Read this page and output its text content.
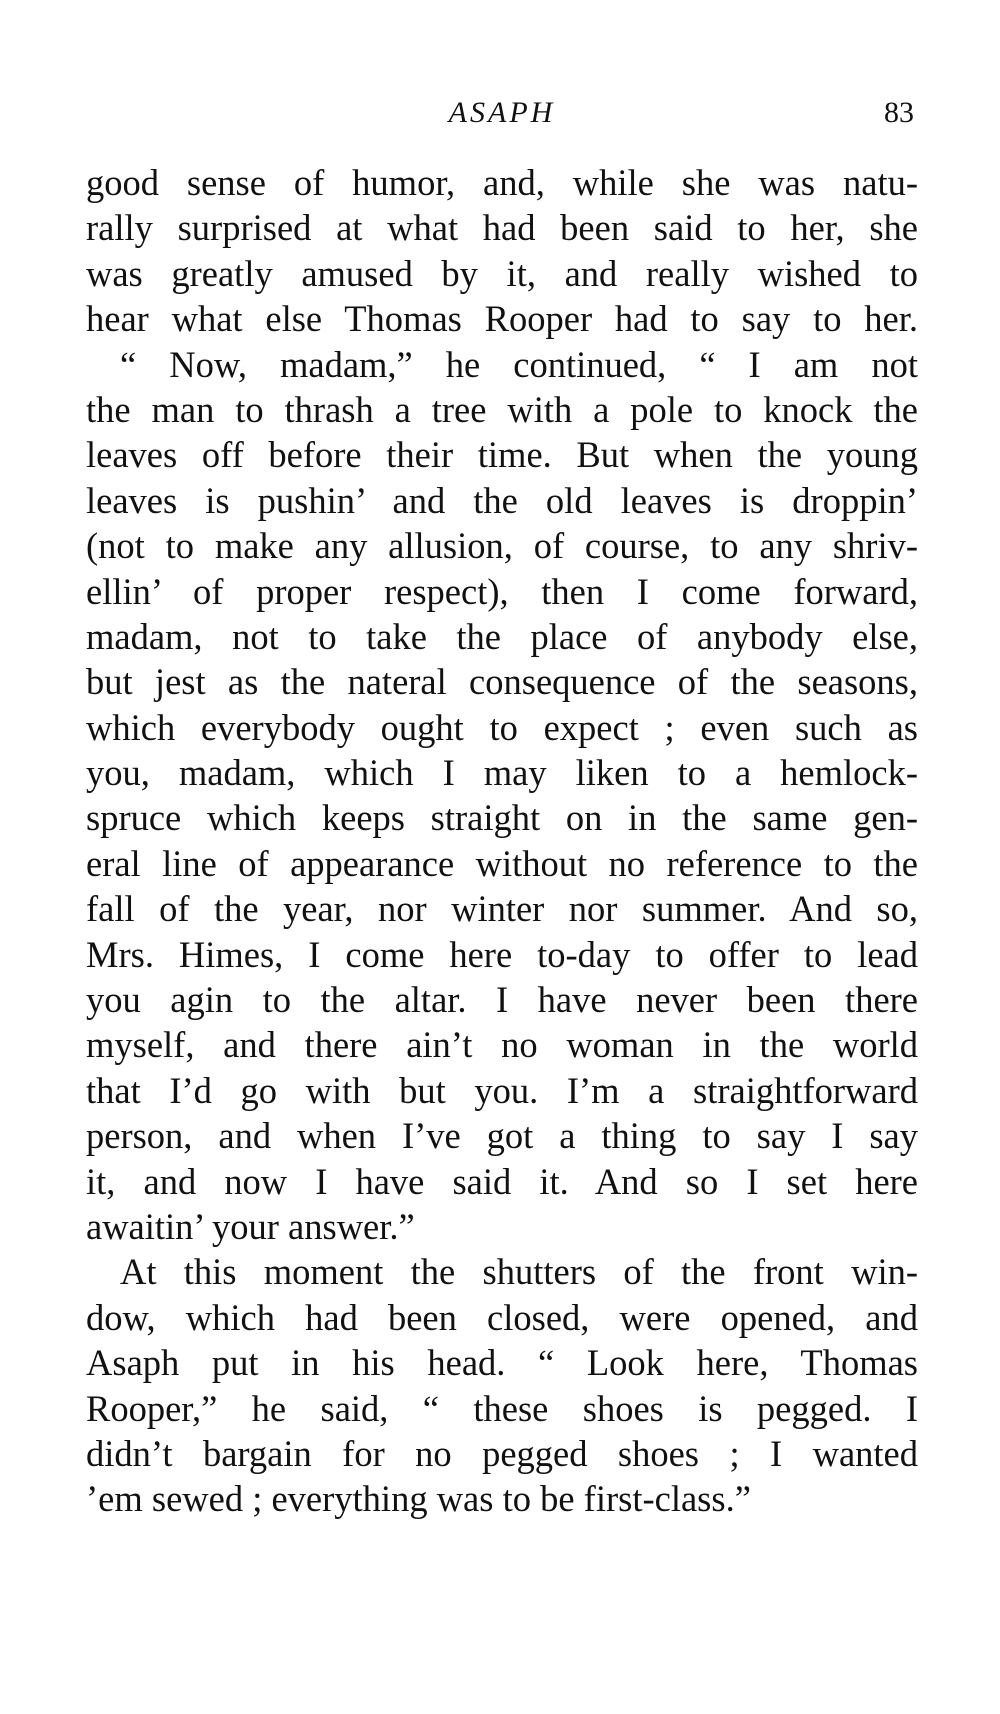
ASAPH	83
good sense of humor, and, while she was natu-
rally surprised at what had been said to her, she
was greatly amused by it, and really wished to
hear what else Thomas Rooper had to say to her.
“ Now, madam,” he continued, “ I am not
the man to thrash a tree with a pole to knock the
leaves off before their time. But when the young
leaves is pushin’ and the old leaves is droppin’
(not to make any allusion, of course, to any shriv-
ellin’ of proper respect), then I come forward,
madam, not to take the place of anybody else,
but jest as the nateral consequence of the seasons,
which everybody ought to expect ; even such as
you, madam, which I may liken to a hemlock-
spruce which keeps straight on in the same gen-
eral line of appearance without no reference to the
fall of the year, nor winter nor summer. And so,
Mrs. Himes, I come here to-day to offer to lead
you agin to the altar. I have never been there
myself, and there ain’t no woman in the world
that I’d go with but you. I’m a straightforward
person, and when I’ve got a thing to say I say
it, and now I have said it. And so I set here
awaitin’ your answer.”
At this moment the shutters of the front win-
dow, which had been closed, were opened, and
Asaph put in his head. “ Look here, Thomas
Rooper,” he said, “ these shoes is pegged. I
didn’t bargain for no pegged shoes ; I wanted
’em sewed ; everything was to be first-class.”
